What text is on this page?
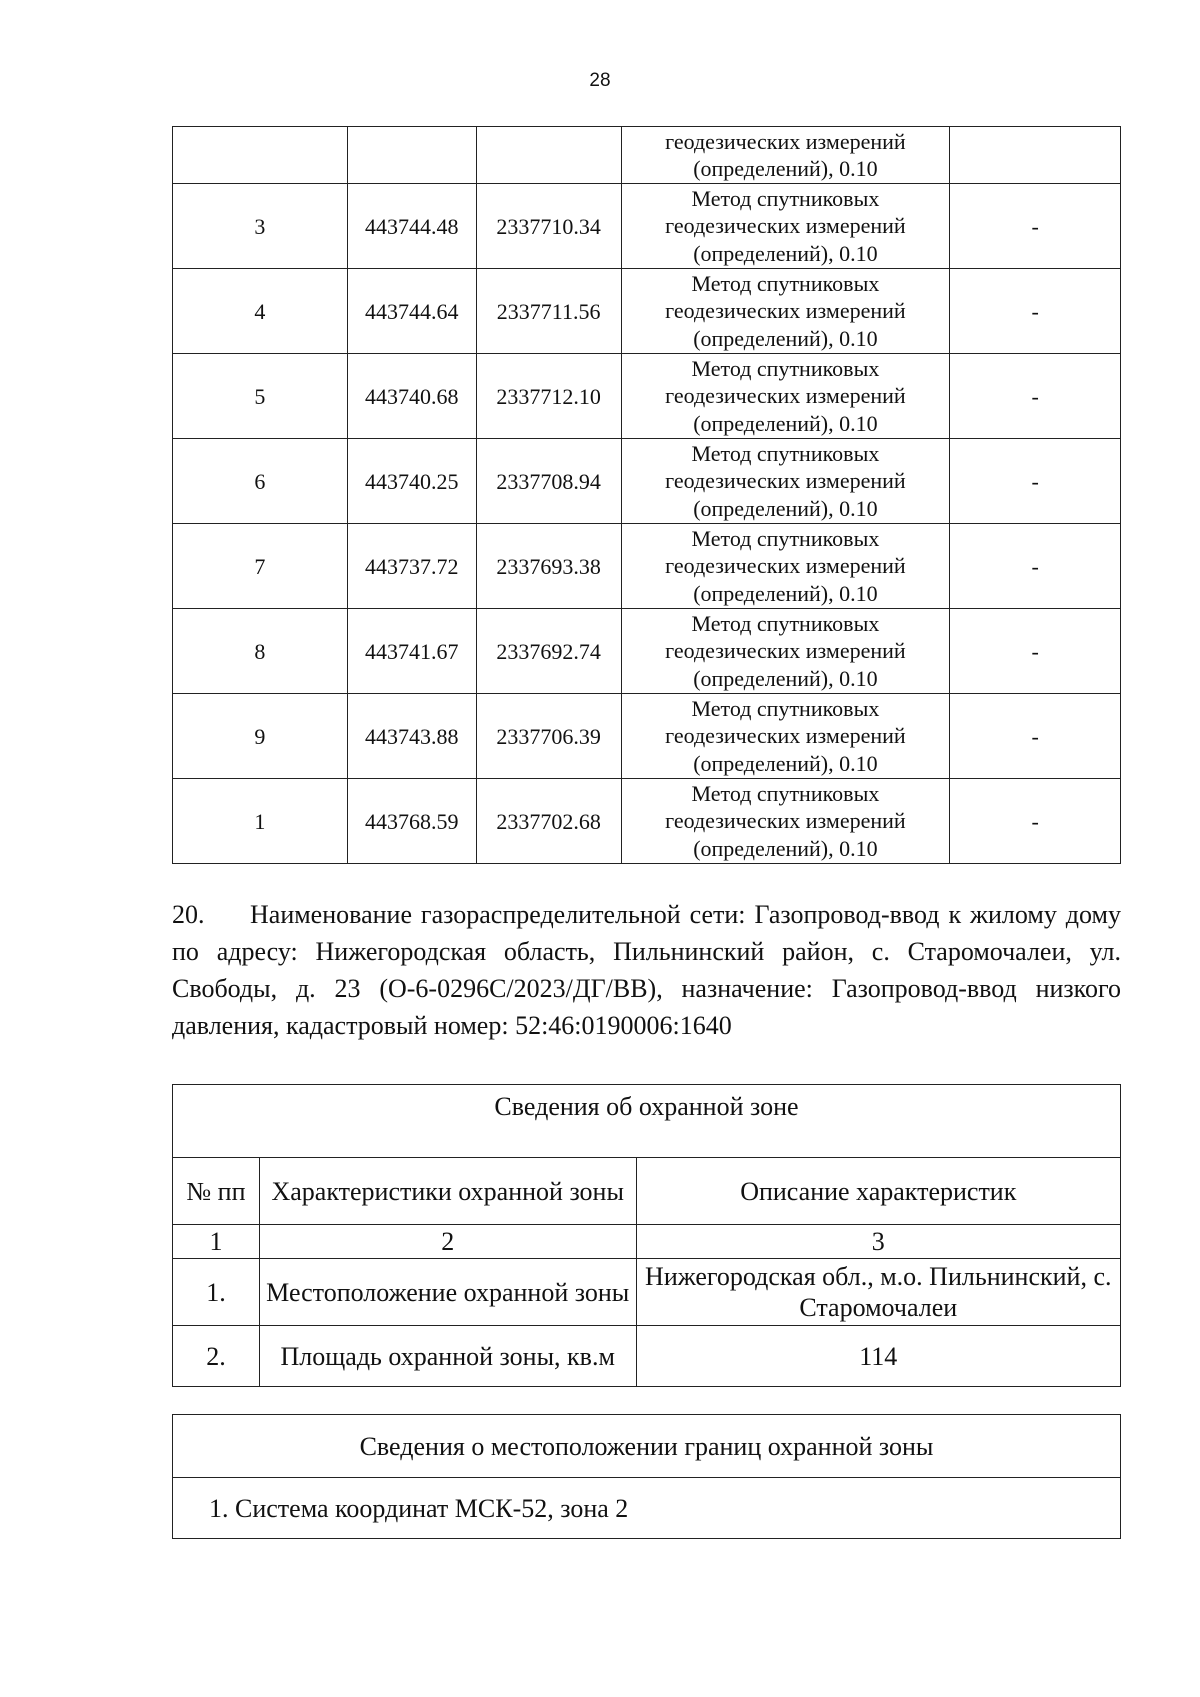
28

			геодезических измерений
(определений), 0.10	

3	443744.48	2337710.34	Метод спутниковых
геодезических измерений
(определений), 0.10	-
4	443744.64	2337711.56	Метод спутниковых
геодезических измерений
(определений), 0.10	-
5	443740.68	2337712.10	Метод спутниковых
геодезических измерений
(определений), 0.10	-
6	443740.25	2337708.94	Метод спутниковых
геодезических измерений
(определений), 0.10	-
7	443737.72	2337693.38	Метод спутниковых
геодезических измерений
(определений), 0.10	-
8	443741.67	2337692.74	Метод спутниковых
геодезических измерений
(определений), 0.10	-
9	443743.88	2337706.39	Метод спутниковых
геодезических измерений
(определений), 0.10	-
1	443768.59	2337702.68	Метод спутниковых
геодезических измерений
(определений), 0.10	-
20. Наименование газораспределительной сети: Газопровод-ввод к жилому дому по адресу: Нижегородская область, Пильнинский район, с. Старомочалеи, ул. Свободы, д. 23 (О-6-0296С/2023/ДГ/ВВ), назначение: Газопровод-ввод низкого давления, кадастровый номер: 52:46:0190006:1640
Сведения об охранной зоне		
№ пп	Характеристики охранной зоны	Описание характеристик
1	2	3
1.	Местоположение охранной зоны	Нижегородская обл., м.о. Пильнинский, с. Старомочалеи
2.	Площадь охранной зоны, кв.м	114
Сведения о местоположении границ охранной зоны
1. Система координат МСК-52, зона 2
